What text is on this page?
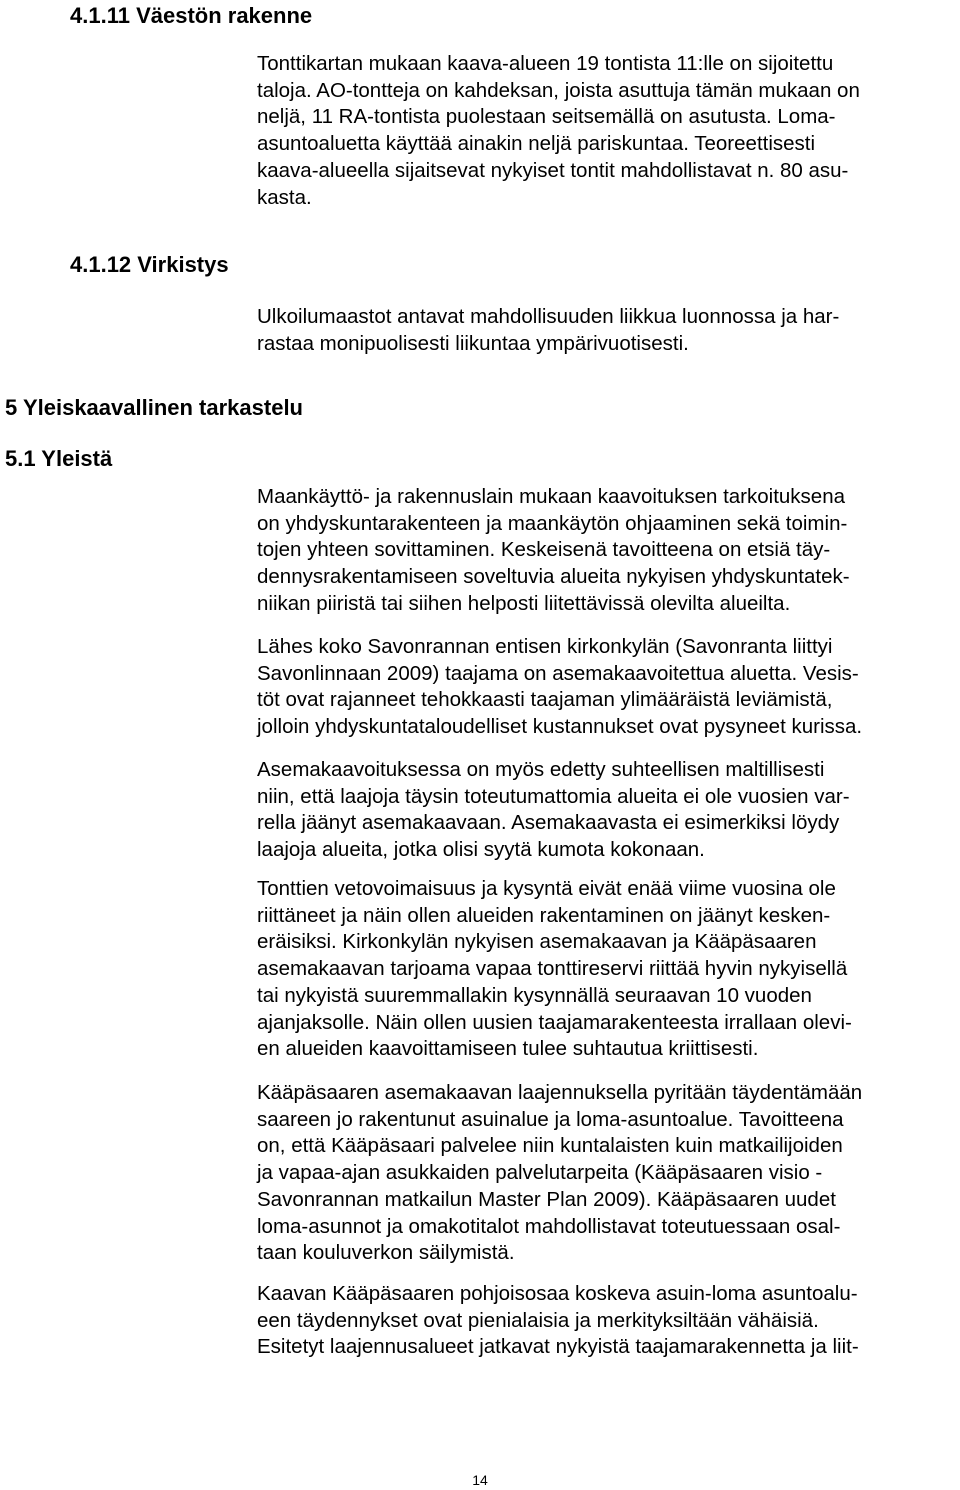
4.1.11 Väestön rakenne
4.1.12 Virkistys
5 Yleiskaavallinen tarkastelu
5.1 Yleistä

Tonttikartan mukaan kaava-alueen 19 tontista 11:lle on sijoitettu
taloja. AO-tontteja on kahdeksan, joista asuttuja tämän mukaan on
neljä, 11 RA-tontista puolestaan seitsemällä on asutusta. Loma-
asuntoaluetta käyttää ainakin neljä pariskuntaa. Teoreettisesti
kaava-alueella sijaitsevat nykyiset tontit mahdollistavat n. 80 asu-
kasta.

Ulkoilumaastot antavat mahdollisuuden liikkua luonnossa ja har-
rastaa monipuolisesti liikuntaa ympärivuotisesti.

Maankäyttö- ja rakennuslain mukaan kaavoituksen tarkoituksena
on yhdyskuntarakenteen ja maankäytön ohjaaminen sekä toimin-
tojen yhteen sovittaminen. Keskeisenä tavoitteena on etsiä täy-
dennysrakentamiseen soveltuvia alueita nykyisen yhdyskuntatek-
niikan piiristä tai siihen helposti liitettävissä olevilta alueilta.

Lähes koko Savonrannan entisen kirkonkylän (Savonranta liittyi
Savonlinnaan 2009) taajama on asemakaavoitettua aluetta. Vesis-
töt ovat rajanneet tehokkaasti taajaman ylimääräistä leviämistä,
jolloin yhdyskuntataloudelliset kustannukset ovat pysyneet kurissa.

Asemakaavoituksessa on myös edetty suhteellisen maltillisesti
niin, että laajoja täysin toteutumattomia alueita ei ole vuosien var-
rella jäänyt asemakaavaan. Asemakaavasta ei esimerkiksi löydy
laajoja alueita, jotka olisi syytä kumota kokonaan.

Tonttien vetovoimaisuus ja kysyntä eivät enää viime vuosina ole
riittäneet ja näin ollen alueiden rakentaminen on jäänyt kesken-
eräisiksi. Kirkonkylän nykyisen asemakaavan ja Kääpäsaaren
asemakaavan tarjoama vapaa tonttireservi riittää hyvin nykyisellä
tai nykyistä suuremmallakin kysynnällä seuraavan 10 vuoden
ajanjaksolle. Näin ollen uusien taajamarakenteesta irrallaan olevi-
en alueiden kaavoittamiseen tulee suhtautua kriittisesti.

Kääpäsaaren asemakaavan laajennuksella pyritään täydentämään
saareen jo rakentunut asuinalue ja loma-asuntoalue. Tavoitteena
on, että Kääpäsaari palvelee niin kuntalaisten kuin matkailijoiden
ja vapaa-ajan asukkaiden palvelutarpeita (Kääpäsaaren visio -
Savonrannan matkailun Master Plan 2009). Kääpäsaaren uudet
loma-asunnot ja omakotitalot mahdollistavat toteutuessaan osal-
taan kouluverkon säilymistä.

Kaavan Kääpäsaaren pohjoisosaa koskeva asuin-loma asuntoalu-
een täydennykset ovat pienialaisia ja merkityksiltään vähäisiä.
Esitetyt laajennusalueet jatkavat nykyistä taajamarakennetta ja liit-

14
